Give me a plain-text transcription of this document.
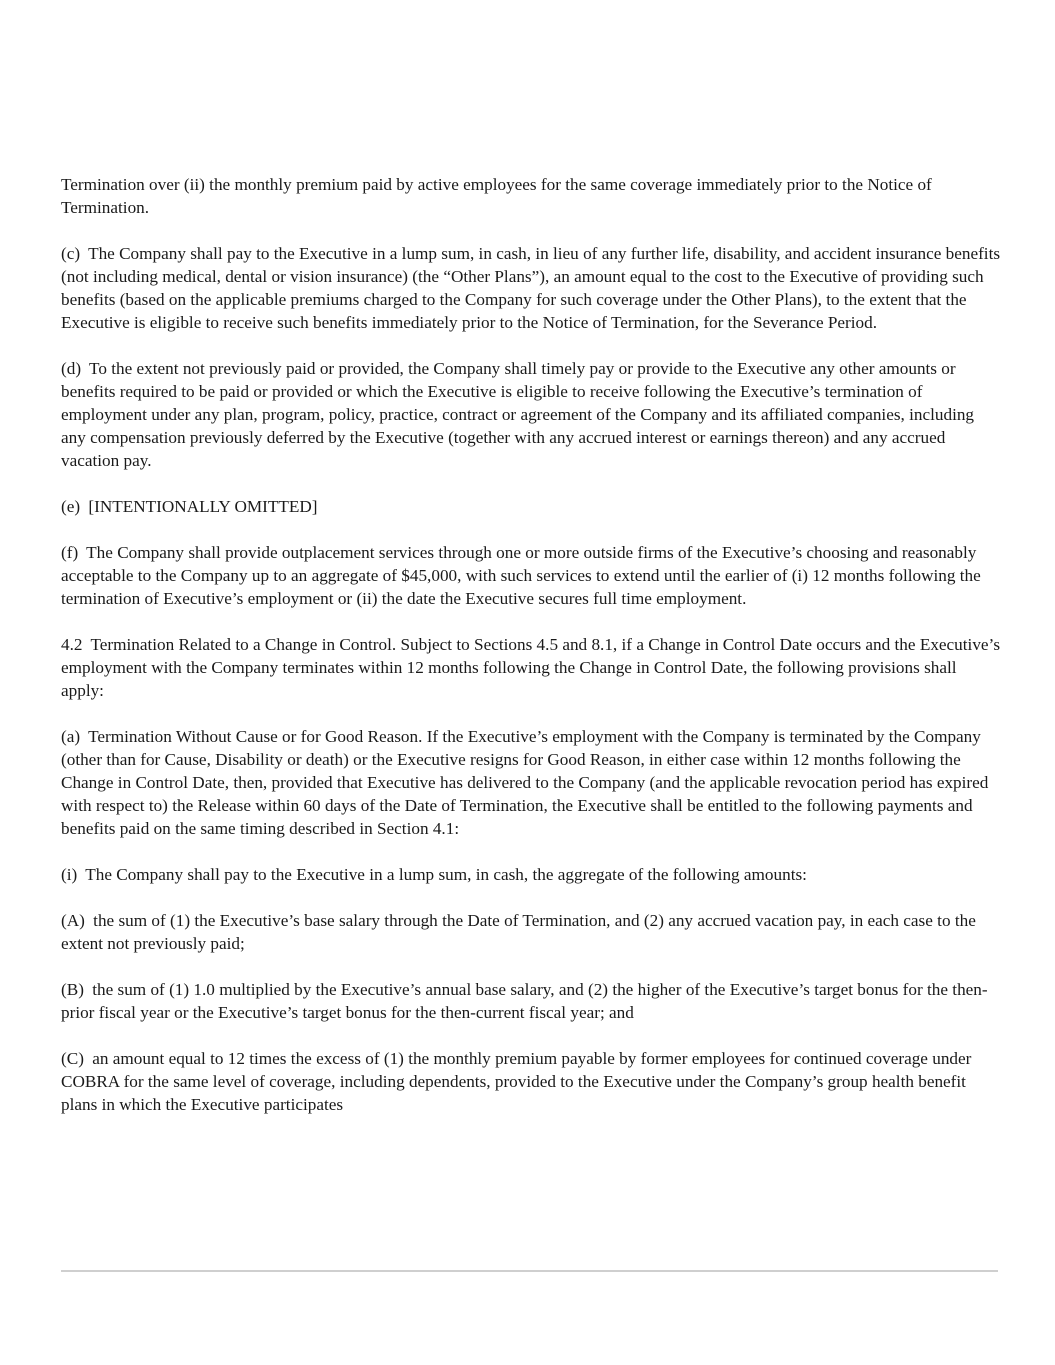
Termination over (ii) the monthly premium paid by active employees for the same coverage immediately prior to the Notice of Termination.

(c) The Company shall pay to the Executive in a lump sum, in cash, in lieu of any further life, disability, and accident insurance benefits (not including medical, dental or vision insurance) (the “Other Plans”), an amount equal to the cost to the Executive of providing such benefits (based on the applicable premiums charged to the Company for such coverage under the Other Plans), to the extent that the Executive is eligible to receive such benefits immediately prior to the Notice of Termination, for the Severance Period.

(d) To the extent not previously paid or provided, the Company shall timely pay or provide to the Executive any other amounts or benefits required to be paid or provided or which the Executive is eligible to receive following the Executive’s termination of employment under any plan, program, policy, practice, contract or agreement of the Company and its affiliated companies, including any compensation previously deferred by the Executive (together with any accrued interest or earnings thereon) and any accrued vacation pay.

(e) [INTENTIONALLY OMITTED]

(f) The Company shall provide outplacement services through one or more outside firms of the Executive’s choosing and reasonably acceptable to the Company up to an aggregate of $45,000, with such services to extend until the earlier of (i) 12 months following the termination of Executive’s employment or (ii) the date the Executive secures full time employment.

4.2 Termination Related to a Change in Control. Subject to Sections 4.5 and 8.1, if a Change in Control Date occurs and the Executive’s employment with the Company terminates within 12 months following the Change in Control Date, the following provisions shall apply:

(a) Termination Without Cause or for Good Reason. If the Executive’s employment with the Company is terminated by the Company (other than for Cause, Disability or death) or the Executive resigns for Good Reason, in either case within 12 months following the Change in Control Date, then, provided that Executive has delivered to the Company (and the applicable revocation period has expired with respect to) the Release within 60 days of the Date of Termination, the Executive shall be entitled to the following payments and benefits paid on the same timing described in Section 4.1:

(i) The Company shall pay to the Executive in a lump sum, in cash, the aggregate of the following amounts:

(A) the sum of (1) the Executive’s base salary through the Date of Termination, and (2) any accrued vacation pay, in each case to the extent not previously paid;

(B) the sum of (1) 1.0 multiplied by the Executive’s annual base salary, and (2) the higher of the Executive’s target bonus for the then-prior fiscal year or the Executive’s target bonus for the then-current fiscal year; and

(C) an amount equal to 12 times the excess of (1) the monthly premium payable by former employees for continued coverage under COBRA for the same level of coverage, including dependents, provided to the Executive under the Company’s group health benefit plans in which the Executive participates
